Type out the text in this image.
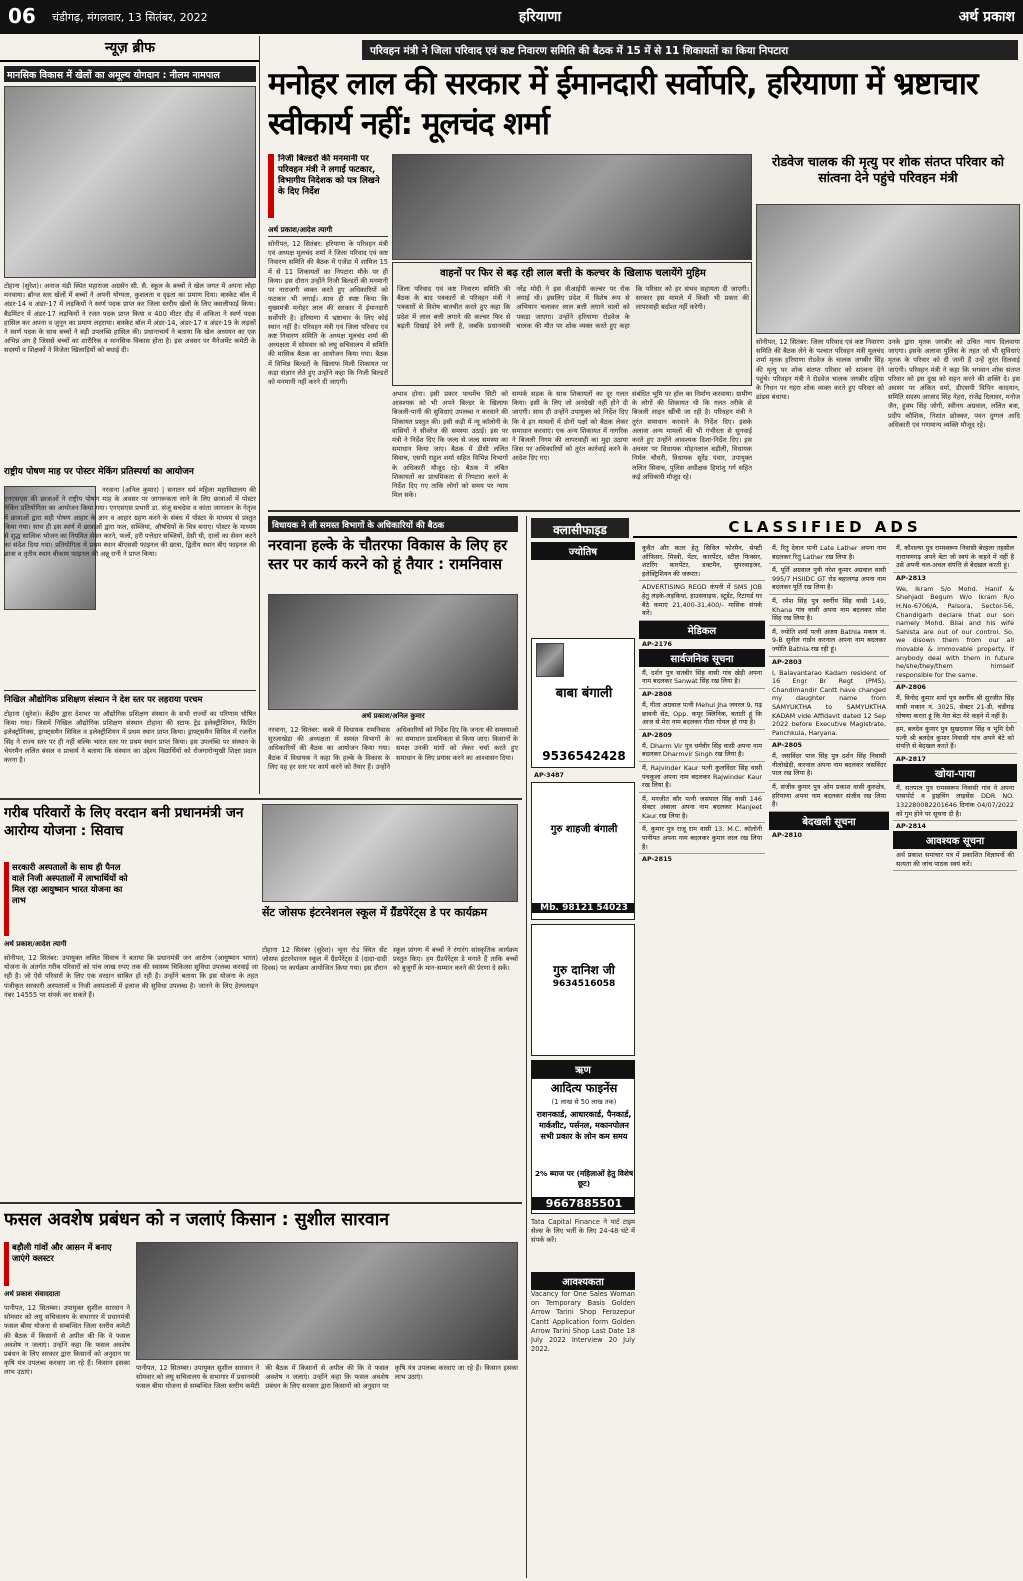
06	चंडीगढ़, मंगलवार, 13 सितंबर, 2022	हरियाणा	अर्थ प्रकाश
न्यूज़ ब्रीफ
मानसिक विकास में खेलों का अमूल्य योगदान : नीलम नामपाल
टोहाना (सुरेश)। अनाज मंडी स्थित महाराजा अग्रसेन सी. सै. स्कूल के बच्चों ने खेल जगत में अपना लोहा मनवाया। ब्रॉन्ज स्तर खेलों में बच्चों ने अपनी योग्यता, कुशलता व दृढ़ता का प्रमाण दिया। बास्केट बॉल में अंडर-14 व अंडर-17 में लड़कियों ने स्वर्ण पदक प्राप्त कर जिला स्तरीय खेलों के लिए क्वालीफाई किया। बैडमिंटन में अंडर-17 लड़कियों ने रजत पदक प्राप्त किया व 400 मीटर दौड़ में अंकिता ने स्वर्ण पदक हासिल कर अपना व जुनून का प्रमाण लहराया। बास्केट बॉल में अंडर-14, अंडर-17 व अंडर-19 के लड़कों ने स्वर्ण पदक के साथ बच्चों ने बड़ी उपलब्धि हासिल की। प्रधानाचार्य ने बताया कि खेल अध्ययन का एक अभिन्न अंग है जिससे बच्चों का शारीरिक व मानसिक विकास होता है। इस अवसर पर मैनेजमेंट कमेटी के सदस्यों व शिक्षकों ने विजेता खिलाड़ियों को बधाई दी।
राष्ट्रीय पोषण माह पर पोस्टर मेकिंग प्रतिस्पर्धा का आयोजन
नरवाना (अनिल कुमार) | सनातन धर्म महिला महाविद्यालय की एनएसएस की छात्राओं ने राष्ट्रीय पोषण माह के अवसर पर जागरूकता लाने के लिए छात्राओं में पोस्टर मेकिंग प्रतियोगिता का आयोजन किया गया। एनएसएस प्रभारी डा. संजू सचदेवा व कांता जागलान के नेतृत्व में छात्राओं द्वारा सही पोषण आहार के ज्ञान व आहार ग्रहण करने के संबंध में पोस्टर के माध्यम से प्रस्तुत किया गया। साथ ही इस स्वर्ण में छात्राओं द्वारा फल, सब्जियां, औषधियों के चित्र बनाए। पोस्टर के माध्यम से शुद्ध सात्विक भोजन का नियमित सेवन करने, फलों, हरी पत्तेदार सब्जियों, देसी घी, दालों का सेवन करने का संदेश दिया गया। प्रतियोगिता में प्रथम स्थान बीएससी फाइनल की छात्रा, द्वितीय स्थान बीए फाइनल की छात्रा व तृतीय स्थान बीकाम फाइनल की अन्नू रानी ने प्राप्त किया।
निखिल औद्योगिक प्रशिक्षण संस्थान ने देश स्तर पर लहराया परचम
टोहाना (सुरेश)। केंद्रीय द्वारा देशभर पर औद्योगिक प्रशिक्षण संस्थान के सभी राज्यों का परिणाम घोषित किया गया। जिसमें निखिल औद्योगिक प्रशिक्षण संस्थान टोहाना की स्टाफ ट्रेड इलेक्ट्रीशियन, फिटिंग इलेक्ट्रॉनिक्स, ड्राफ्ट्समैन सिविल व इलेक्ट्रीशियन में प्रथम स्थान प्राप्त किया। ड्राफ्ट्समैन सिविल में रजनीत सिंह ने राज्य स्तर पर ही नहीं बल्कि भारत स्तर पर प्रथम स्थान प्राप्त किया। इस उपलब्धि पर संस्थान के चेयरमैन ललित बंसल व प्राचार्य ने बताया कि संस्थान का उद्देश्य विद्यार्थियों को रोजगारोन्मुखी शिक्षा प्रदान करना है।
परिवहन मंत्री ने जिला परिवाद एवं कष्ट निवारण समिति की बैठक में 15 में से 11 शिकायतों का किया निपटारा
मनोहर लाल की सरकार में ईमानदारी सर्वोपरि, हरियाणा में भ्रष्टाचार स्वीकार्य नहीं: मूलचंद शर्मा
निजी बिल्डरों की मनमानी पर परिवहन मंत्री ने लगाई फटकार, विभागीय निदेशक को पत्र लिखने के दिए निर्देश
अर्थ प्रकाश/आदेश त्यागी
सोनीपत, 12 सितंबर: हरियाणा के परिवहन मंत्री एवं अध्यक्ष मूलचंद शर्मा ने जिला परिवाद एवं कष्ट निवारण समिति की बैठक में एजेंडा में शामिल 15 में से 11 शिकायतों का निपटारा मौके पर ही किया। इस दौरान उन्होंने निजी बिल्डरों की मनमानी पर नाराजगी व्यक्त करते हुए अधिकारियों को फटकार भी लगाई। साथ ही स्पष्ट किया कि मुख्यमंत्री मनोहर लाल की सरकार में ईमानदारी सर्वोपरि है। हरियाणा में भ्रष्टाचार के लिए कोई स्थान नहीं है। परिवहन मंत्री एवं जिला परिवाद एवं कष्ट निवारण समिति के अध्यक्ष मूलचंद शर्मा की अध्यक्षता में सोमवार को लघु सचिवालय में समिति की मासिक बैठक का आयोजन किया गया। बैठक में विभिन्न बिल्डरों के खिलाफ मिली शिकायत पर कड़ा संज्ञान लेते हुए उन्होंने कहा कि निजी बिल्डरों को मनमानी नहीं करने दी जाएगी।
वाहनों पर फिर से बढ़ रही लाल बत्ती के कल्चर के खिलाफ चलायेंगे मुहिम
जिला परिवाद एवं कष्ट निवारण समिति की बैठक के बाद पत्रकारों से परिवहन मंत्री ने पत्रकारों से विशेष बातचीत करते हुए कहा कि प्रदेश में लाल बत्ती लगाने की कल्चर फिर से बढ़ती दिखाई देने लगी है, जबकि प्रधानमंत्री नरेंद्र मोदी ने इस वीआईपी कल्चर पर रोक लगाई थी। इसलिए प्रदेश में विशेष रूप से अभियान चलाकर लाल बत्ती लगाने वालों को पकड़ा जाएगा। उन्होंने हरियाणा रोडवेज के चालक की मौत पर शोक व्यक्त करते हुए कहा कि परिवार को हर संभव सहायता दी जाएगी। सरकार इस मामले में किसी भी प्रकार की लापरवाही बर्दाश्त नहीं करेगी।
अभाव होना। इसी प्रकार पाथमेंच सिटी को आवश्यक को भी अपने बिल्डर के खिलाफ बिजली-पानी की सुविधाएं उपलब्ध न करवाने की शिकायत प्रस्तुत की। इसी कड़ी में न्यू कॉलोनी के वासियों ने सीवरेज की समस्या उठाई। इस पर मंत्री ने निर्देश दिए कि जल्द से जल्द समस्या का समाधान किया जाए। बैठक में डीसी ललित सिवाच, एसपी राहुल शर्मा सहित विभिन्न विभागों के अधिकारी मौजूद रहे। बैठक में लंबित शिकायतों का प्राथमिकता से निपटारा करने के निर्देश दिए गए ताकि लोगों को समय पर न्याय मिल सके।
सम्पर्क सड़क के साथ शिकायतों का दूर गलत किया। इसी के लिए जो अनदेखी नहीं होने दी जाएगी। साथ ही उन्होंने उपायुक्त को निर्देश दिए कि वे इन मामलों में दोनों पक्षों को बैठक लेकर समाधान करवाएं। एक अन्य शिकायत में नागरिक ने बिजली निगम की लापरवाही का मुद्दा उठाया जिस पर अधिकारियों को तुरंत कार्रवाई करने के आदेश दिए गए।
संबंधित भूमि पर हॉल का निर्माण करवाया। ग्रामीण के लोगों की शिकायत थी कि गलत तरीके से बिजली लाइन खींची जा रही है। परिवहन मंत्री ने तुरंत समाधान करवाने के निर्देश दिए। इसके अलावा अन्य मामलों की भी गंभीरता से सुनवाई करते हुए उन्होंने आवश्यक दिशा-निर्देश दिए। इस अवसर पर विधायक मोहनलाल बड़ौली, विधायक निर्मल चौधरी, विधायक सुरेंद्र पंवार, उपायुक्त ललित सिवाच, पुलिस अधीक्षक हिमांशु गर्ग सहित कई अधिकारी मौजूद रहे।
रोडवेज चालक की मृत्यु पर शोक संतप्त परिवार को सांत्वना देने पहुंचे परिवहन मंत्री
सोनीपत, 12 सितंबर: जिला परिवाद एवं कष्ट निवारण समिति की बैठक लेने के पश्चात परिवहन मंत्री मूलचंद शर्मा मृतक हरियाणा रोडवेज के चालक जगबीर सिंह की मृत्यु पर शोक संतप्त परिवार को सांत्वना देने पहुंचे। परिवहन मंत्री ने रोडवेज चालक जगबीर दहिया के निधन पर गहरा शोक व्यक्त करते हुए परिवार को ढांढस बंधाया।
उनके द्वारा मृतक जगबीर को उचित न्याय दिलवाया जाएगा। इसके अलावा पुलिस के तहत जो भी सुविधाएं मृतक के परिवार को दी जानी हैं उन्हें तुरंत दिलवाई जाएंगी। परिवहन मंत्री ने कहा कि भगवान शोक संतप्त परिवार को इस दुख को सहन करने की शक्ति दे। इस अवसर पर अंकित वर्मा, डीएसपी विपिन कादयान, समिति सदस्य आजाद सिंह नेहरा, राजेंद्र दिलावर, मनोज जैन, हुक्म सिंह जोगी, स्वीनय अग्रवाल, ललित बत्रा, प्रदीप कौशिक, निशांत छोक्कर, पवन दुग्गल आदि अधिकारी एवं गणमान्य व्यक्ति मौजूद रहे।
विधायक ने ली समस्त विभागों के अधिकारियों की बैठक
नरवाना हल्के के चौतरफा विकास के लिए हर स्तर पर कार्य करने को हूं तैयार : रामनिवास
अर्थ प्रकाश/अनिल कुमार
नरवाना, 12 सितंबर: कस्बे में विधायक रामनिवास सुरजाखेड़ा की अध्यक्षता में समस्त विभागों के अधिकारियों की बैठक का आयोजन किया गया। बैठक में विधायक ने कहा कि हल्के के विकास के लिए वह हर स्तर पर कार्य करने को तैयार हैं। उन्होंने अधिकारियों को निर्देश दिए कि जनता की समस्याओं का समाधान प्राथमिकता से किया जाए। किसानों के समक्ष उनकी मांगों को लेकर चर्चा करते हुए समाधान के लिए प्रयास करने का आश्वासन दिया।
गरीब परिवारों के लिए वरदान बनी प्रधानमंत्री जन आरोग्य योजना : सिवाच
सरकारी अस्पतालों के साथ ही पैनल वाले निजी अस्पतालों में लाभार्थियों को मिल रहा आयुष्मान भारत योजना का लाभ
अर्थ प्रकाश/आदेश त्यागी
सोनीपत, 12 सितंबर: उपायुक्त ललित सिवाच ने बताया कि प्रधानमंत्री जन आरोग्य (आयुष्मान भारत) योजना के अंतर्गत गरीब परिवारों को पांच लाख रुपए तक की स्वास्थ्य चिकित्सा सुविधा उपलब्ध करवाई जा रही है। जो ऐसे परिवारों के लिए एक वरदान साबित हो रही है। उन्होंने बताया कि इस योजना के तहत पंजीकृत सरकारी अस्पतालों व निजी अस्पतालों में इलाज की सुविधा उपलब्ध है। जानने के लिए हेल्पलाइन नंबर 14555 पर संपर्क कर सकते हैं।
सेंट जोसफ इंटरनेशनल स्कूल में ग्रैंडपेरेंट्स डे पर कार्यक्रम
टोहाना 12 सितंबर (सुरेश)। भूना रोड स्थित सेंट जोसफ इंटरनेशनल स्कूल में ग्रैंडपेरेंट्स डे (दादा-दादी दिवस) पर कार्यक्रम आयोजित किया गया। इस दौरान स्कूल प्रांगण में बच्चों ने रंगारंग सांस्कृतिक कार्यक्रम प्रस्तुत किए। हम ग्रैंडपेरेंट्स डे मनाते हैं ताकि बच्चों को बुजुर्गों के मान-सम्मान करने की प्रेरणा दे सकें।
फसल अवशेष प्रबंधन को न जलाएं किसान : सुशील सारवान
बड़ौली गांवों और आसन में बनाए जाएंगे क्लस्टर
अर्थ प्रकाश संवाददाता
पानीपत, 12 सितम्बर। उपायुक्त सुशील सारवान ने सोमवार को लघु सचिवालय के सभागार में प्रधानमंत्री फसल बीमा योजना से सम्बन्धित जिला स्तरीय कमेटी की बैठक में किसानों से अपील की कि वे फसल अवशेष न जलाएं। उन्होंने कहा कि फसल अवशेष प्रबंधन के लिए सरकार द्वारा किसानों को अनुदान पर कृषि यंत्र उपलब्ध करवाए जा रहे हैं। किसान इसका लाभ उठाएं।
पानीपत, 12 सितम्बर। उपायुक्त सुशील सारवान ने सोमवार को लघु सचिवालय के सभागार में प्रधानमंत्री फसल बीमा योजना से सम्बन्धित जिला स्तरीय कमेटी की बैठक में किसानों से अपील की कि वे फसल अवशेष न जलाएं। उन्होंने कहा कि फसल अवशेष प्रबंधन के लिए सरकार द्वारा किसानों को अनुदान पर कृषि यंत्र उपलब्ध करवाए जा रहे हैं। किसान इसका लाभ उठाएं।
क्लासीफाइड	CLASSIFIED ADS
ज्योतिष
बाबा बंगाली
9536542428
AP-3487
गुरु शाहजी बंगाली
Mb. 98121 54023
गुरु दानिश जी
9634516058
ऋण
आदित्य फाइनेंस
(1 लाख से 50 लाख तक)
राशनकार्ड, आधारकार्ड, पैनकार्ड, मार्कशीट, पर्सनल, मकानपोलन सभी प्रकार के लोन कम समय
2% ब्याज पर (महिलाओं हेतु विशेष छूट)
9667885501
Tata Capital Finance ने पार्ट टाइम सेल्स के लिए भर्ती के लिए 24-48 घंटे में संपर्क करें।
आवश्यकता
Vacancy for One Sales Woman on Temporary Basis Golden Arrow Tarini Shop Ferozepur Cantt Application form Golden Arrow Tarini Shop Last Date 18 July 2022 Interview 20 July 2022.
कुवैत और कतर हेतु सिविल फोरमैन, सेफ्टी ऑफिसर, मिस्त्री, पेंटर, कारपेंटर, स्टील फिक्सर, शटरिंग कारपेंटर, डक्टमैन, सुपरवाइजर, इलेक्ट्रिशियन की जरूरत।
ADVERTISING REGD कंपनी में SMS JOB हेतु लड़के-लड़कियां, हाउसवाइफ, स्टूडेंट, रिटायर्ड घर बैठे कमाएं 21,400-31,400/- मासिक संपर्क करें।
मेडिकल
AP-2176
सार्वजनिक सूचना
मैं, दर्शन पुत्र सतबीर सिंह वासी गांव खेड़ी अपना नाम बदलकर Sanwat सिंह रख लिया है।
AP-2808
मैं, गीता अग्रवाल पत्नी Mehul Jha जनरल 9, गढ़ छावनी सेंट, Opp. कपूर क्लिनिक, बताती हूं कि आज से मेरा नाम बदलकर गीता गोयल हो गया है।
AP-2809
मैं, Dharm Vir पुत्र धर्मवीर सिंह वासी अपना नाम बदलकर Dharmvir Singh रख लिया है।
मैं, Rajvinder Kaur पत्नी कुलविंदर सिंह वासी पंचकुला अपना नाम बदलकर Rajwinder Kaur रख लिया है।
मैं, मनजीत कौर पत्नी जसपाल सिंह वासी 146 सेक्टर अंबाला अपना नाम बदलकर Manjeet Kaur रख लिया है।
मैं, कुमार पुत्र राजू राम वासी 13. M.C. कॉलोनी पानीपत अपना नाम बदलकर कुमार लाल रख लिया है।
AP-2815
मैं, रितु देवान पत्नी Late Lather अपना नाम बदलकर रितु Lather रख लिया है।
मैं, पूर्ति अग्रवाल पुत्री नरेश कुमार अग्रवाल वासी 995/7 HSIIDC GT रोड बहालगढ़ अपना नाम बदलकर पूर्ति रख लिया है।
मैं, रमेश सिंह पुत्र स्वर्गीय सिंह वासी 149, Khana गांव वासी अपना नाम बदलकर रमेश सिंह रख लिया है।
मैं, ज्योति शर्मा पत्नी अजय Bathla मकान नं. 9-B सुनील गार्डन करनाल अपना नाम बदलकर ज्योति Bathla रख रही हूं।
AP-2803
I, Balavantarao Kadam resident of 16 Engr Br Regt (PMS), Chandimandir Cantt have changed my daughter name from SAMYUKTHA to SAMYUKTHA KADAM vide Affidavit dated 12 Sep 2022 before Executive Magistrate, Panchkula, Haryana.
AP-2805
मैं, जसविंदर पाल सिंह पुत्र दर्शन सिंह निवासी नीलोखेड़ी, करनाल अपना नाम बदलकर जसविंदर पाल रख लिया है।
मैं, संजीव कुमार पुत्र ओम प्रकाश वासी कुरुक्षेत्र, हरियाणा अपना नाम बदलकर संजीव रख लिया है।
बेदखली सूचना
AP-2810
मैं, कौशल्या पुत्र रामस्वरूप निवासी बेरहला तहसील नारायणगढ़ अपने बेटा जो स्वयं के कहने में नहीं है उसे अपनी चल-अचल संपत्ति से बेदखल करती हूं।
AP-2813
We, Ikram S/o Mohd. Hanif & Shehjadi Begum W/o Ikram R/o H.No-6706/A, Palsora, Sector-56, Chandigarh declare that our son namely Mohd. Bilal and his wife Sahista are out of our control. So, we disown them from our all movable & immovable property. If anybody deal with them in future he/she/they/them himself responsible for the same.
AP-2806
मैं, विनोद कुमार शर्मा पुत्र स्वर्गीय श्री सुरजीत सिंह वासी मकान नं. 3025, सेक्टर 21-डी, चंडीगढ़ घोषणा करता हूं कि मेरा बेटा मेरे कहने में नहीं है।
हम, बलदेव कुमार पुत्र सुखदयाल सिंह व भूमि देवी पत्नी श्री बलदेव कुमार निवासी गांव अपने बेटे को संपत्ति से बेदखल करते हैं।
AP-2817
खोया-पाया
मैं, सतपाल पुत्र रामस्वरूप निवासी गांव ने अपना पासपोर्ट व ड्राइविंग लाइसेंस DDR NO. 132280082201646 दिनांक 04/07/2022 को गुम होने पर सूचना दी है।
AP-2814
आवश्यक सूचना
अर्थ प्रकाश समाचार पत्र में प्रकाशित विज्ञापनों की सत्यता की जांच पाठक स्वयं करें।
